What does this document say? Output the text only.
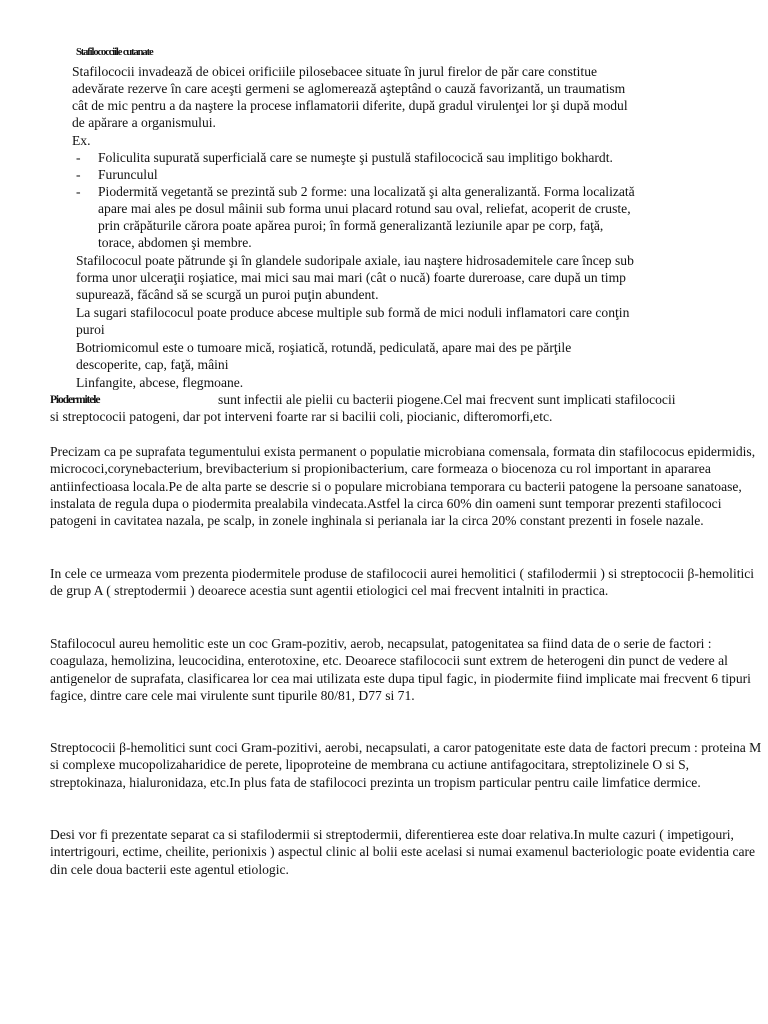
Stafilococciile cutanate
Stafilococii invadează de obicei orificiile pilosebacee situate în jurul firelor de păr care constitue
adevărate rezerve în care aceşti germeni se aglomerează aşteptând o cauză favorizantă, un traumatism
cât de mic pentru a da naştere la procese inflamatorii diferite, după gradul virulenţei lor şi după modul
de apărare a organismului.
Ex.
- Foliculita supurată superficială care se numeşte şi pustulă stafilococică sau implitigo bokhardt.
- Furunculul
- Piodermită vegetantă se prezintă sub 2 forme: una localizată şi alta generalizantă. Forma localizată
apare mai ales pe dosul mâinii sub forma unui placard rotund sau oval, reliefat, acoperit de cruste,
prin crăpăturile cărora poate apărea puroi; în formă generalizantă leziunile apar pe corp, faţă,
torace, abdomen şi membre.
Stafilococul poate pătrunde şi în glandele sudoripale axiale, iau naştere hidrosademitele care încep sub
forma unor ulceraţii roşiatice, mai mici sau mai mari (cât o nucă) foarte dureroase, care după un timp
supurează, făcând să se scurgă un puroi puţin abundent.
La sugari stafilococul poate produce abcese multiple sub formă de mici noduli inflamatori care conţin
puroi
Botriomicomul este o tumoare mică, roşiatică, rotundă, pediculată, apare mai des pe părţile
descoperite, cap, faţă, mâini
Linfangite, abcese, flegmoane.
Piodermitele	sunt infectii ale pielii cu bacterii piogene.Cel mai frecvent sunt implicati stafilococii
si streptococii patogeni, dar pot interveni foarte rar si bacilii coli, piocianic, difteromorfi,etc.
Precizam ca pe suprafata tegumentului exista permanent o populatie microbiana comensala, formata din stafilococus epidermidis, micrococi,corynebacterium, brevibacterium si propionibacterium, care formeaza o biocenoza cu rol important in apararea antiinfectioasa locala.Pe de alta parte se descrie si o populare microbiana temporara cu bacterii patogene la persoane sanatoase, instalata de regula dupa o piodermita prealabila vindecata.Astfel la circa 60% din oameni sunt temporar prezenti stafilococi patogeni in cavitatea nazala, pe scalp, in zonele inghinala si perianala iar la circa 20% constant prezenti in fosele nazale.
In cele ce urmeaza vom prezenta piodermitele produse de stafilococii aurei hemolitici ( stafilodermii ) si streptococii β-hemolitici de grup A ( streptodermii ) deoarece acestia sunt agentii etiologici cel mai frecvent intalniti in practica.
Stafilococul aureu hemolitic este un coc Gram-pozitiv, aerob, necapsulat, patogenitatea sa fiind data de o serie de factori : coagulaza, hemolizina, leucocidina, enterotoxine, etc. Deoarece stafilococii sunt extrem de heterogeni din punct de vedere al antigenelor de suprafata, clasificarea lor cea mai utilizata este dupa tipul fagic, in piodermite fiind implicate mai frecvent 6 tipuri fagice, dintre care cele mai virulente sunt tipurile 80/81, D77 si 71.
Streptococii β-hemolitici sunt coci Gram-pozitivi, aerobi, necapsulati, a caror patogenitate este data de factori precum : proteina M si complexe mucopolizaharidice de perete, lipoproteine de membrana cu actiune antifagocitara, streptolizinele O si S, streptokinaza, hialuronidaza, etc.In plus fata de stafilococi prezinta un tropism particular pentru caile limfatice dermice.
Desi vor fi prezentate separat ca si stafilodermii si streptodermii, diferentierea este doar relativa.In multe cazuri ( impetigouri, intertrigouri, ectime, cheilite, perionixis ) aspectul clinic al bolii este acelasi si numai examenul bacteriologic poate evidentia care din cele doua bacterii este agentul etiologic.
